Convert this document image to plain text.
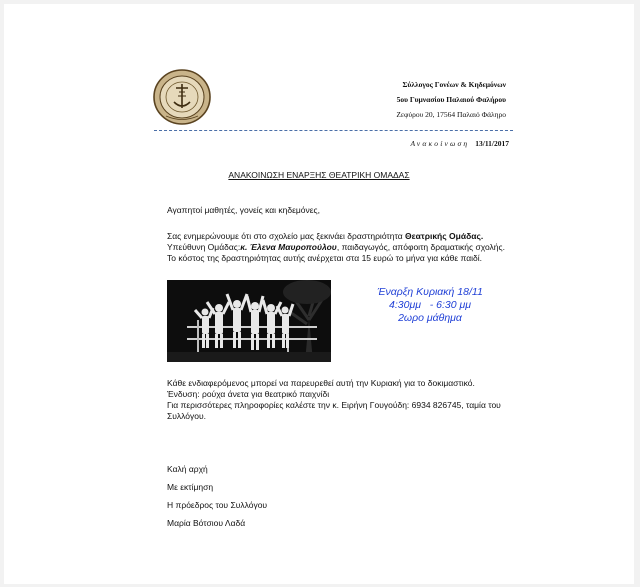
Σύλλογος Γονέων & Κηδεμόνων
5ου Γυμνασίου Παλαιού Φαλήρου
Ζεφύρου 20, 17564 Παλαιό Φάληρο
Ανακοίνωση 13/11/2017
ΑΝΑΚΟΙΝΩΣΗ ΕΝΑΡΞΗΣ ΘΕΑΤΡΙΚΗ ΟΜΑΔΑΣ
Αγαπητοί μαθητές, γονείς και κηδεμόνες,
Σας ενημερώνουμε ότι στο σχολείο μας ξεκινάει δραστηριότητα Θεατρικής Ομάδας.
Υπεύθυνη Ομάδας:κ. Έλενα Μαυροπούλου, παιδαγωγός, απόφοιτη δραματικής σχολής.
Το κόστος της δραστηριότητας αυτής ανέρχεται στα 15 ευρώ το μήνα για κάθε παιδί.
Έναρξη Κυριακή 18/11
4:30μμ   - 6:30 μμ
2ωρο μάθημα
Κάθε ενδιαφερόμενος μπορεί να παρευρεθεί αυτή την Κυριακή για το δοκιμαστικό.
Ένδυση: ρούχα άνετα για θεατρικό παιχνίδι
Για περισσότερες πληροφορίες καλέστε την κ. Ειρήνη Γουγούδη: 6934 826745, ταμία του
Συλλόγου.
Καλή αρχή
Με εκτίμηση
Η πρόεδρος του Συλλόγου
Μαρία Βότσιου Λαδά
